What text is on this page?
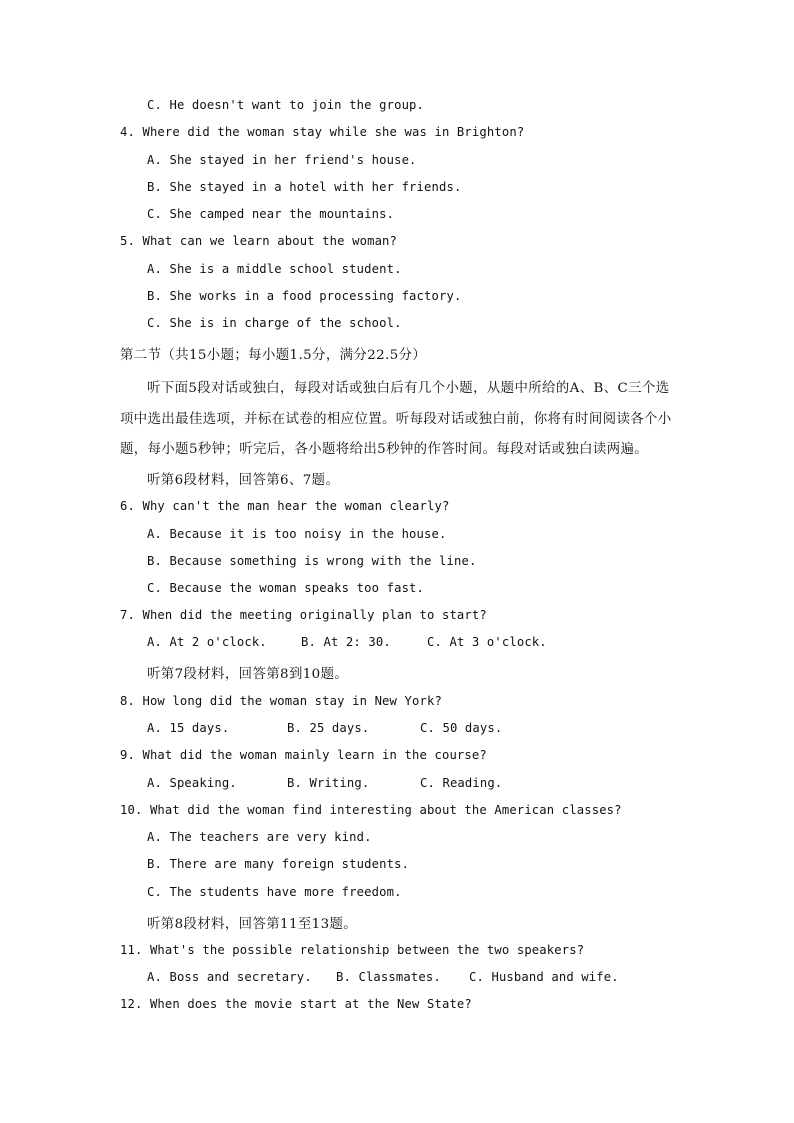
C. He doesn't want to join the group.
4. Where did the woman stay while she was in Brighton?
A. She stayed in her friend's house.
B. She stayed in a hotel with her friends.
C. She camped near the mountains.
5. What can we learn about the woman?
A. She is a middle school student.
B. She works in a food processing factory.
C. She is in charge of the school.
第二节（共15小题；每小题1.5分，满分22.5分）
听下面5段对话或独白，每段对话或独白后有几个小题，从题中所给的A、B、C三个选
项中选出最佳选项，并标在试卷的相应位置。听每段对话或独白前，你将有时间阅读各个小
题，每小题5秒钟；听完后，各小题将给出5秒钟的作答时间。每段对话或独白读两遍。
听第6段材料，回答第6、7题。
6. Why can't the man hear the woman clearly?
A. Because it is too noisy in the house.
B. Because something is wrong with the line.
C. Because the woman speaks too fast.
7. When did the meeting originally plan to start?
A. At 2 o'clock.	B. At 2: 30.	C. At 3 o'clock.
听第7段材料，回答第8到10题。
8. How long did the woman stay in New York?
A. 15 days.	B. 25 days.	C. 50 days.
9. What did the woman mainly learn in the course?
A. Speaking.	B. Writing.	C. Reading.
10. What did the woman find interesting about the American classes?
A. The teachers are very kind.
B. There are many foreign students.
C. The students have more freedom.
听第8段材料，回答第11至13题。
11. What's the possible relationship between the two speakers?
A. Boss and secretary. B. Classmates. C. Husband and wife.
12. When does the movie start at the New State?
